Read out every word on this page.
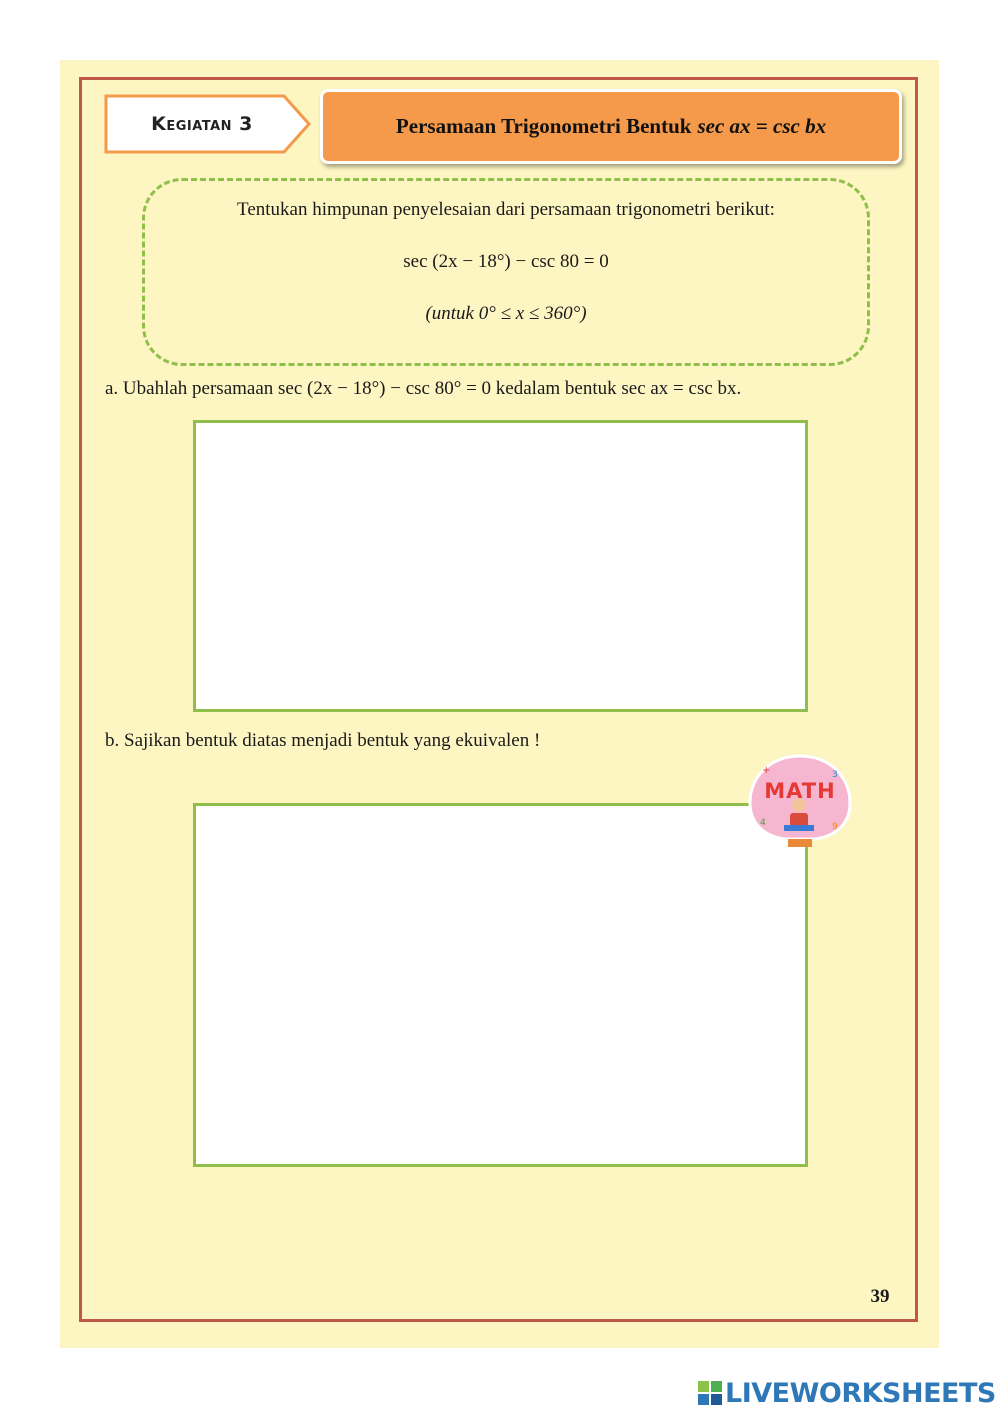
Kegiatan 3	Persamaan Trigonometri Bentuk sec ax = csc bx
Tentukan himpunan penyelesaian dari persamaan trigonometri berikut:
sec (2x − 18°) − csc 80 = 0
(untuk 0° ≤ x ≤ 360°)
a. Ubahlah persamaan sec (2x − 18°) − csc 80° = 0 kedalam bentuk sec ax = csc bx.
b. Sajikan bentuk diatas menjadi bentuk yang ekuivalen !
+	3
4	9
MATH
39
LIVEWORKSHEETS
